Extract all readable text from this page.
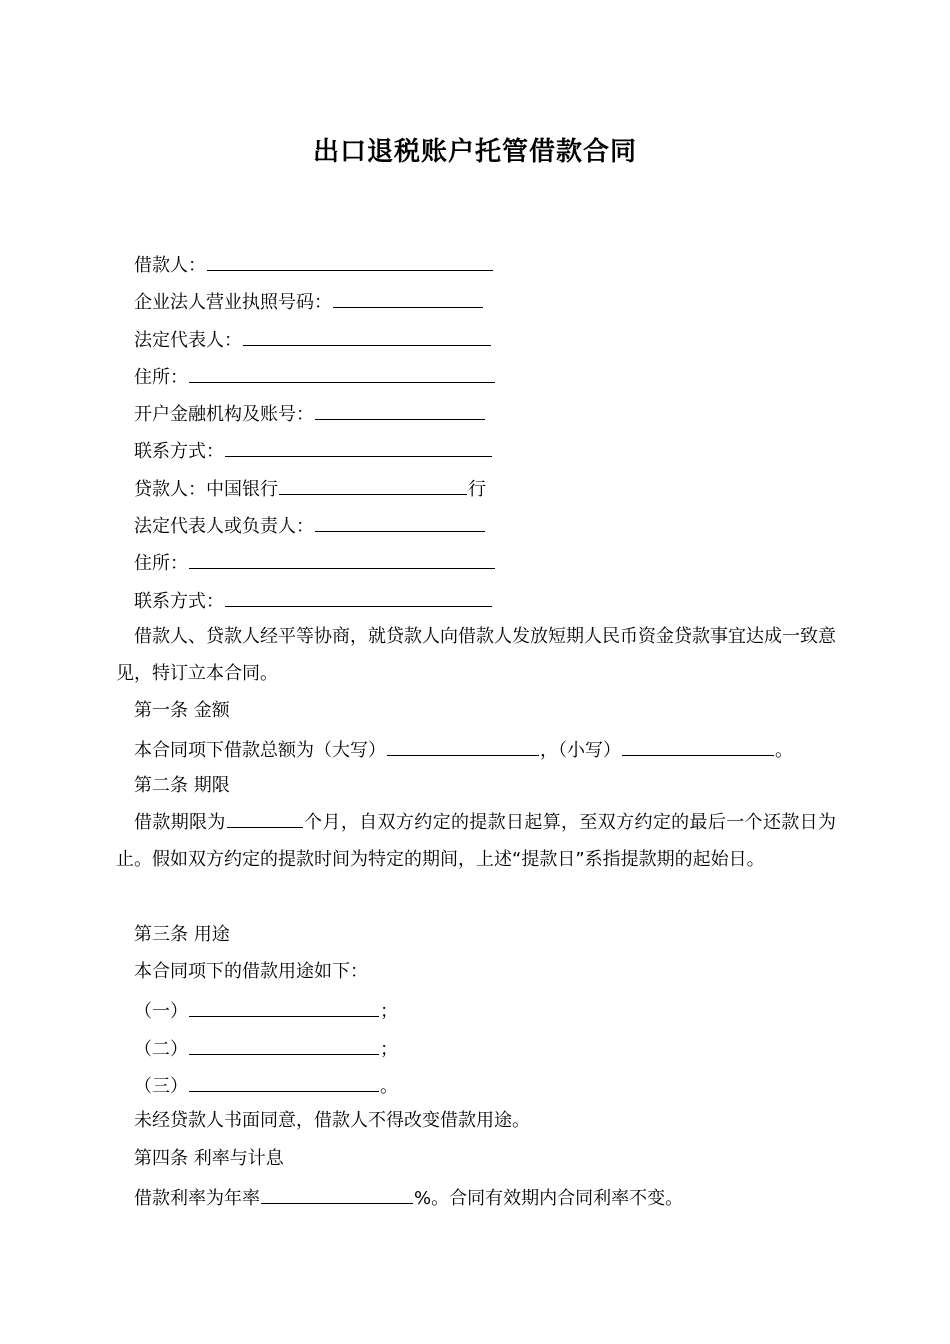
出口退税账户托管借款合同
借款人：
企业法人营业执照号码：
法定代表人：
住所：
开户金融机构及账号：
联系方式：
贷款人：中国银行	行
法定代表人或负责人：
住所：
联系方式：
借款人、贷款人经平等协商，就贷款人向借款人发放短期人民币资金贷款事宜达成一致意见，特订立本合同。
第一条 金额
本合同项下借款总额为（大写）	，（小写）	。
第二条 期限
借款期限为	个月，自双方约定的提款日起算，至双方约定的最后一个还款日为止。假如双方约定的提款时间为特定的期间，上述“提款日”系指提款期的起始日。
第三条 用途
本合同项下的借款用途如下：
（一）	；
（二）	；
（三）	。
未经贷款人书面同意，借款人不得改变借款用途。
第四条 利率与计息
借款利率为年率	%。合同有效期内合同利率不变。
